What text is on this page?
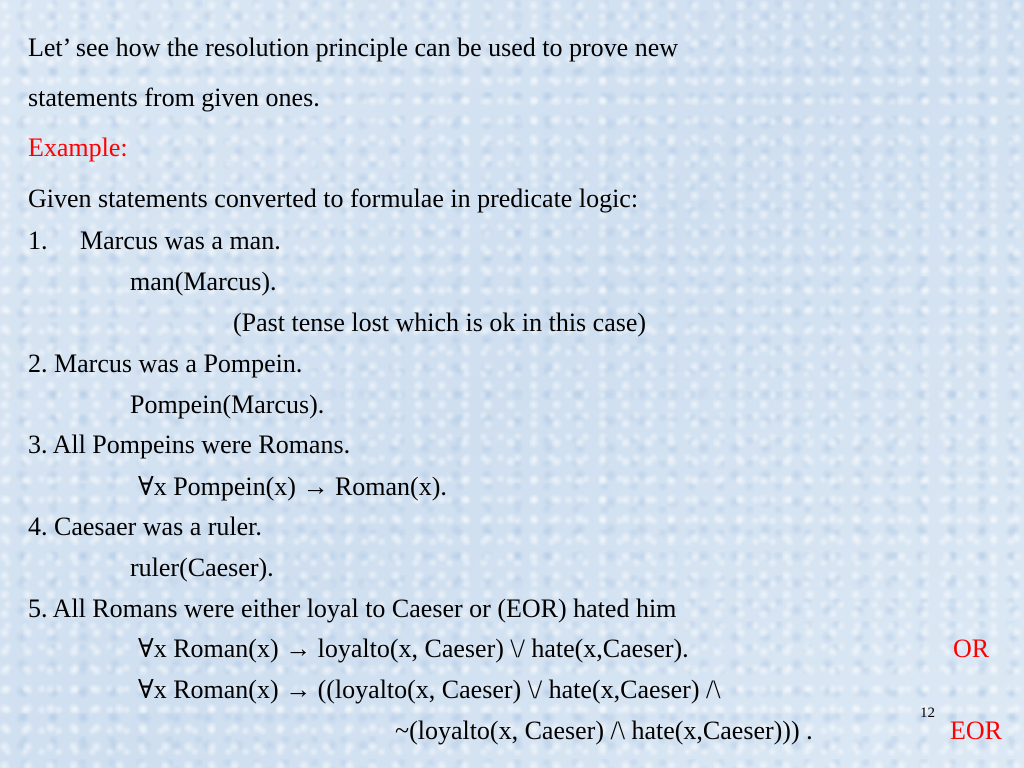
Let’ see how the resolution principle can be used to prove new
statements from given ones.
Example:
Given statements converted to formulae in predicate logic:
1. Marcus was a man.
man(Marcus).
(Past tense lost which is ok in this case)
2. Marcus was a Pompein.
Pompein(Marcus).
3. All Pompeins were Romans.
∀x Pompein(x) → Roman(x).
4. Caesaer was a ruler.
ruler(Caeser).
5. All Romans were either loyal to Caeser or (EOR) hated him
∀x Roman(x) → loyalto(x, Caeser) \/ hate(x,Caeser).	OR
∀x Roman(x) → ((loyalto(x, Caeser) \/ hate(x,Caeser) /\
~(loyalto(x, Caeser) /\ hate(x,Caeser))) .	EOR
12
